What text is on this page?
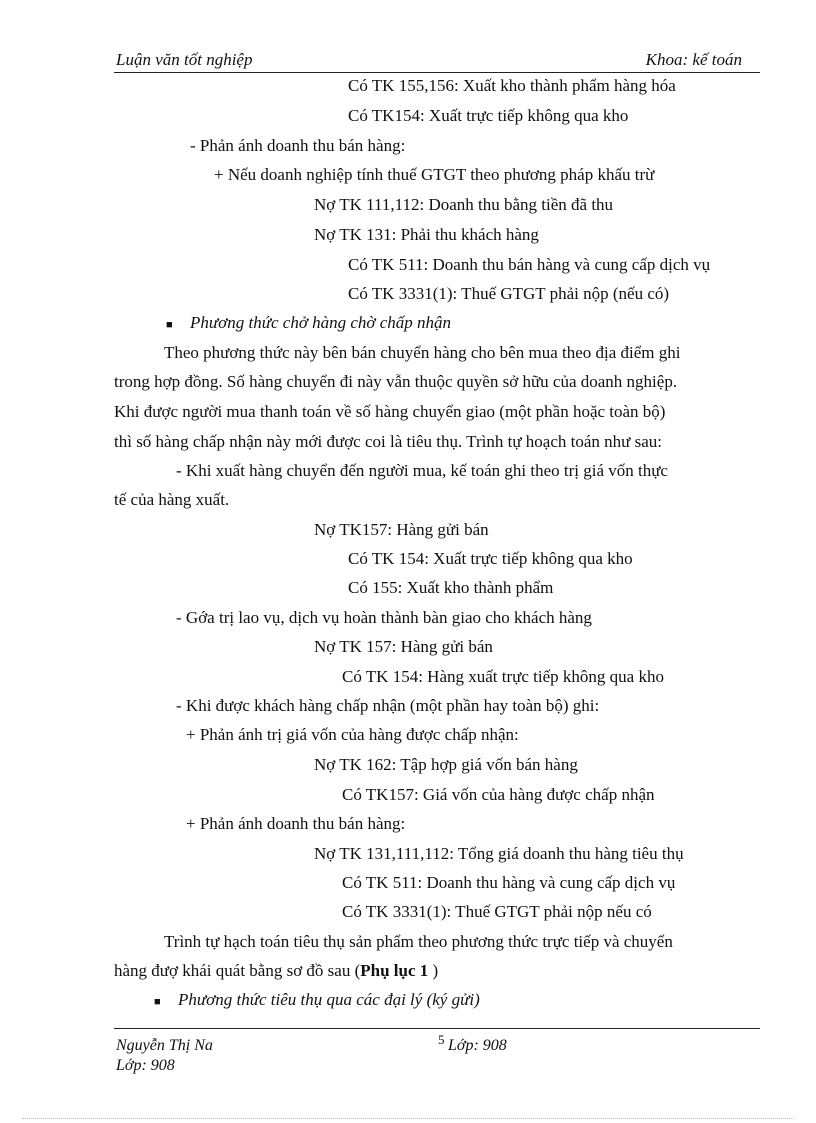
Luận văn tốt nghiệp	Khoa: kế toán
Có TK 155,156: Xuất kho thành phẩm hàng hóa
Có TK154: Xuất trực tiếp không qua kho
- Phản ánh doanh thu bán hàng:
+ Nếu doanh nghiệp tính thuế GTGT theo phương pháp khấu trừ
Nợ TK 111,112: Doanh thu bằng tiền đã thu
Nợ TK 131: Phải thu khách hàng
Có TK 511: Doanh thu bán hàng và cung cấp dịch vụ
Có TK 3331(1): Thuế GTGT phải nộp (nếu có)
■ Phương thức chở hàng chờ chấp nhận
Theo phương thức này bên bán chuyển hàng cho bên mua theo địa điểm ghi
trong hợp đồng. Số hàng chuyển đi này vẫn thuộc quyền sở hữu của doanh nghiệp.
Khi được người mua thanh toán về số hàng chuyển giao (một phần hoặc toàn bộ)
thì số hàng chấp nhận này mới được coi là tiêu thụ. Trình tự hoạch toán như sau:
- Khi xuất hàng chuyển đến người mua, kế toán ghi theo trị giá vốn thực
tế của hàng xuất.
Nợ TK157: Hàng gửi bán
Có TK 154: Xuất trực tiếp không qua kho
Có 155: Xuất kho thành phẩm
- Gớa trị lao vụ, dịch vụ hoàn thành bàn giao cho khách hàng
Nợ TK 157: Hàng gửi bán
Có TK 154: Hàng xuất trực tiếp không qua kho
- Khi được khách hàng chấp nhận (một phần hay toàn bộ) ghi:
+ Phản ánh trị giá vốn của hàng được chấp nhận:
Nợ TK 162: Tập hợp giá vốn bán hàng
Có TK157: Giá vốn của hàng được chấp nhận
+ Phản ánh doanh thu bán hàng:
Nợ TK 131,111,112: Tổng giá doanh thu hàng tiêu thụ
Có TK 511: Doanh thu hàng và cung cấp dịch vụ
Có TK 3331(1): Thuế GTGT phải nộp nếu có
Trình tự hạch toán tiêu thụ sản phẩm theo phương thức trực tiếp và chuyển
hàng đượ khái quát bằng sơ đồ sau (Phụ lục 1 )
■ Phương thức tiêu thụ qua các đại lý (ký gửi)
Nguyễn Thị Na
Lớp: 908
5 Lớp: 908
